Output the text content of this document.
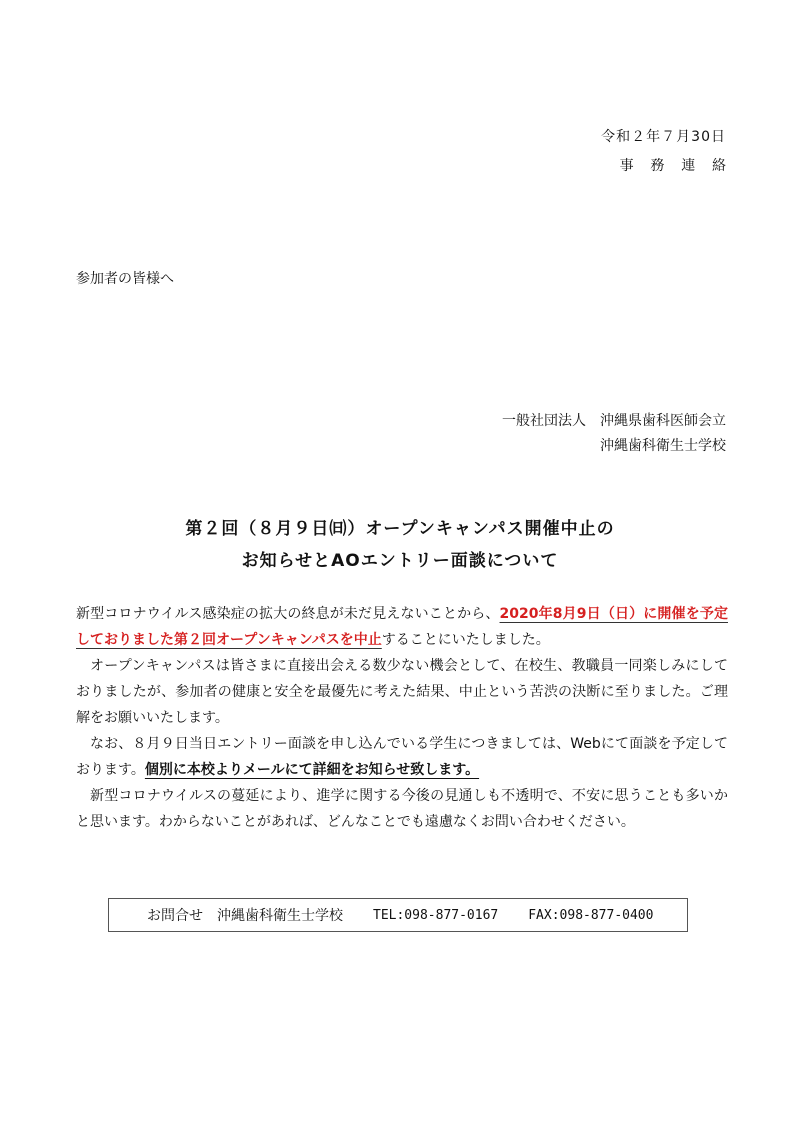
令和２年７月30日
事務連絡
参加者の皆様へ
一般社団法人　沖縄県歯科医師会立
沖縄歯科衛生士学校
第２回（８月９日㈰）オープンキャンパス開催中止の
お知らせとAOエントリー面談について

新型コロナウイルス感染症の拡大の終息が未だ見えないことから、2020年8月9日（日）に開催を予定しておりました第２回オープンキャンパスを中止することにいたしました。

オープンキャンパスは皆さまに直接出会える数少ない機会として、在校生、教職員一同楽しみにしておりましたが、参加者の健康と安全を最優先に考えた結果、中止という苦渋の決断に至りました。ご理解をお願いいたします。

なお、８月９日当日エントリー面談を申し込んでいる学生につきましては、Webにて面談を予定しております。個別に本校よりメールにて詳細をお知らせ致します。

新型コロナウイルスの蔓延により、進学に関する今後の見通しも不透明で、不安に思うことも多いかと思います。わからないことがあれば、どんなことでも遠慮なくお問い合わせください。

お問合せ 沖縄歯科衛生士学校 TEL:098-877-0167 FAX:098-877-0400
